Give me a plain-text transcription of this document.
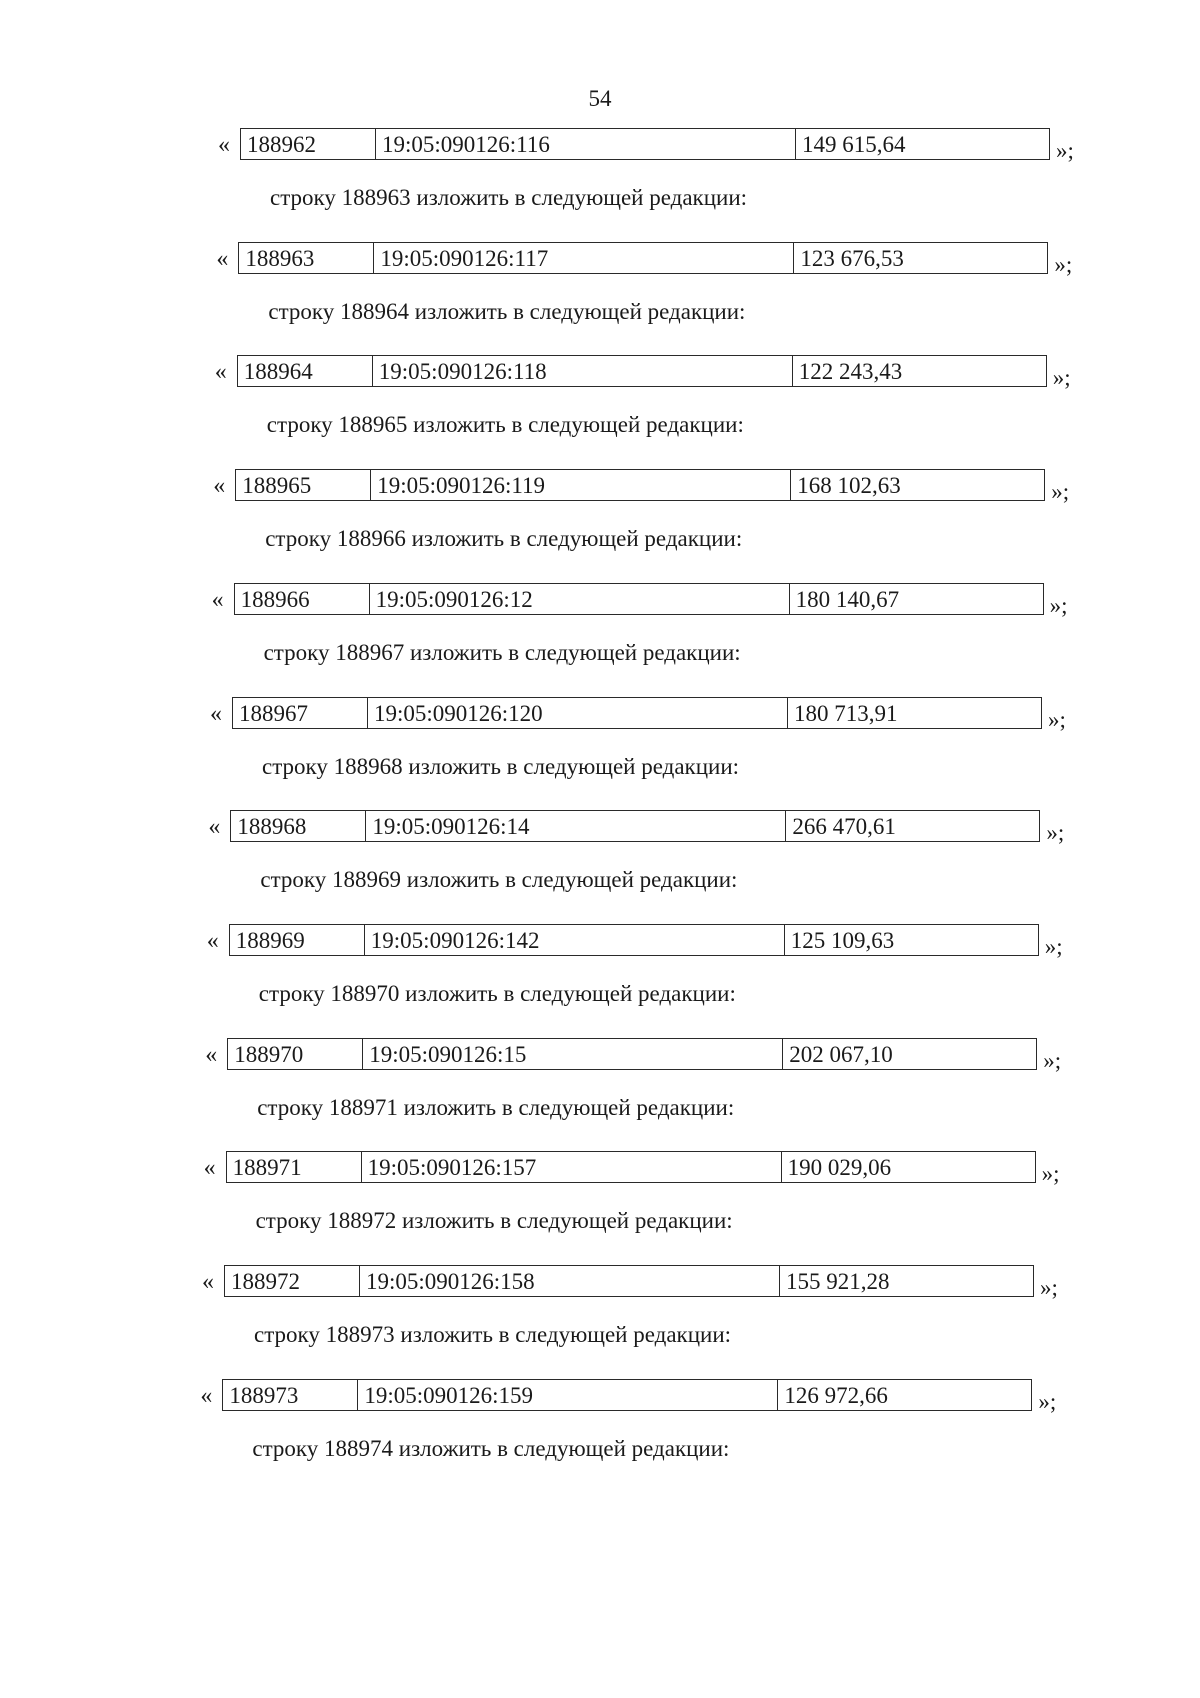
54
« 188962	19:05:090126:116	149 615,64	»;
строку 188963 изложить в следующей редакции:
« 188963	19:05:090126:117	123 676,53	»;
строку 188964 изложить в следующей редакции:
« 188964	19:05:090126:118	122 243,43	»;
строку 188965 изложить в следующей редакции:
« 188965	19:05:090126:119	168 102,63	»;
строку 188966 изложить в следующей редакции:
« 188966	19:05:090126:12	180 140,67	»;
строку 188967 изложить в следующей редакции:
« 188967	19:05:090126:120	180 713,91	»;
строку 188968 изложить в следующей редакции:
« 188968	19:05:090126:14	266 470,61	»;
строку 188969 изложить в следующей редакции:
« 188969	19:05:090126:142	125 109,63	»;
строку 188970 изложить в следующей редакции:
« 188970	19:05:090126:15	202 067,10	»;
строку 188971 изложить в следующей редакции:
« 188971	19:05:090126:157	190 029,06	»;
строку 188972 изложить в следующей редакции:
« 188972	19:05:090126:158	155 921,28	»;
строку 188973 изложить в следующей редакции:
« 188973	19:05:090126:159	126 972,66	»;
строку 188974 изложить в следующей редакции:
